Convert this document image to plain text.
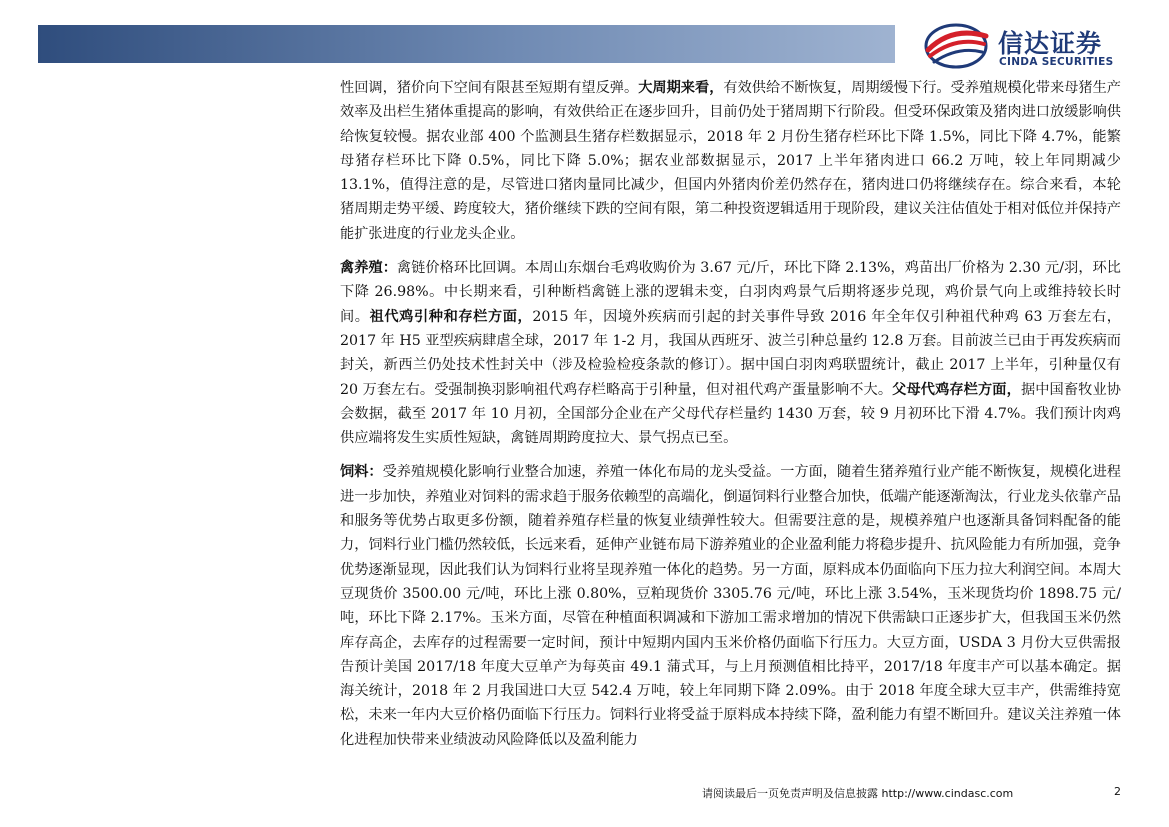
信达证券
CINDA SECURITIES

性回调，猪价向下空间有限甚至短期有望反弹。大周期来看，有效供给不断恢复，周期缓慢下行。受养殖规模化带来母猪生产效率及出栏生猪体重提高的影响，有效供给正在逐步回升，目前仍处于猪周期下行阶段。但受环保政策及猪肉进口放缓影响供给恢复较慢。据农业部 400 个监测县生猪存栏数据显示，2018 年 2 月份生猪存栏环比下降 1.5%，同比下降 4.7%，能繁母猪存栏环比下降 0.5%，同比下降 5.0%；据农业部数据显示，2017 上半年猪肉进口 66.2 万吨，较上年同期减少 13.1%，值得注意的是，尽管进口猪肉量同比减少，但国内外猪肉价差仍然存在，猪肉进口仍将继续存在。综合来看，本轮猪周期走势平缓、跨度较大，猪价继续下跌的空间有限，第二种投资逻辑适用于现阶段，建议关注估值处于相对低位并保持产能扩张进度的行业龙头企业。

禽养殖：禽链价格环比回调。本周山东烟台毛鸡收购价为 3.67 元/斤，环比下降 2.13%，鸡苗出厂价格为 2.30 元/羽，环比下降 26.98%。中长期来看，引种断档禽链上涨的逻辑未变，白羽肉鸡景气后期将逐步兑现，鸡价景气向上或维持较长时间。祖代鸡引种和存栏方面，2015 年，因境外疾病而引起的封关事件导致 2016 年全年仅引种祖代种鸡 63 万套左右，2017 年 H5 亚型疾病肆虐全球，2017 年 1-2 月，我国从西班牙、波兰引种总量约 12.8 万套。目前波兰已由于再发疾病而封关，新西兰仍处技术性封关中（涉及检验检疫条款的修订）。据中国白羽肉鸡联盟统计，截止 2017 上半年，引种量仅有 20 万套左右。受强制换羽影响祖代鸡存栏略高于引种量，但对祖代鸡产蛋量影响不大。父母代鸡存栏方面，据中国畜牧业协会数据，截至 2017 年 10 月初，全国部分企业在产父母代存栏量约 1430 万套，较 9 月初环比下滑 4.7%。我们预计肉鸡供应端将发生实质性短缺，禽链周期跨度拉大、景气拐点已至。

饲料：受养殖规模化影响行业整合加速，养殖一体化布局的龙头受益。一方面，随着生猪养殖行业产能不断恢复，规模化进程进一步加快，养殖业对饲料的需求趋于服务依赖型的高端化，倒逼饲料行业整合加快，低端产能逐渐淘汰，行业龙头依靠产品和服务等优势占取更多份额，随着养殖存栏量的恢复业绩弹性较大。但需要注意的是，规模养殖户也逐渐具备饲料配备的能力，饲料行业门槛仍然较低，长远来看，延伸产业链布局下游养殖业的企业盈利能力将稳步提升、抗风险能力有所加强，竞争优势逐渐显现，因此我们认为饲料行业将呈现养殖一体化的趋势。另一方面，原料成本仍面临向下压力拉大利润空间。本周大豆现货价 3500.00 元/吨，环比上涨 0.80%，豆粕现货价 3305.76 元/吨，环比上涨 3.54%，玉米现货均价 1898.75 元/吨，环比下降 2.17%。玉米方面，尽管在种植面积调减和下游加工需求增加的情况下供需缺口正逐步扩大，但我国玉米仍然库存高企，去库存的过程需要一定时间，预计中短期内国内玉米价格仍面临下行压力。大豆方面，USDA 3 月份大豆供需报告预计美国 2017/18 年度大豆单产为每英亩 49.1 蒲式耳，与上月预测值相比持平，2017/18 年度丰产可以基本确定。据海关统计，2018 年 2 月我国进口大豆 542.4 万吨，较上年同期下降 2.09%。由于 2018 年度全球大豆丰产，供需维持宽松，未来一年内大豆价格仍面临下行压力。饲料行业将受益于原料成本持续下降，盈利能力有望不断回升。建议关注养殖一体化进程加快带来业绩波动风险降低以及盈利能力

请阅读最后一页免责声明及信息披露 http://www.cindasc.com	2
